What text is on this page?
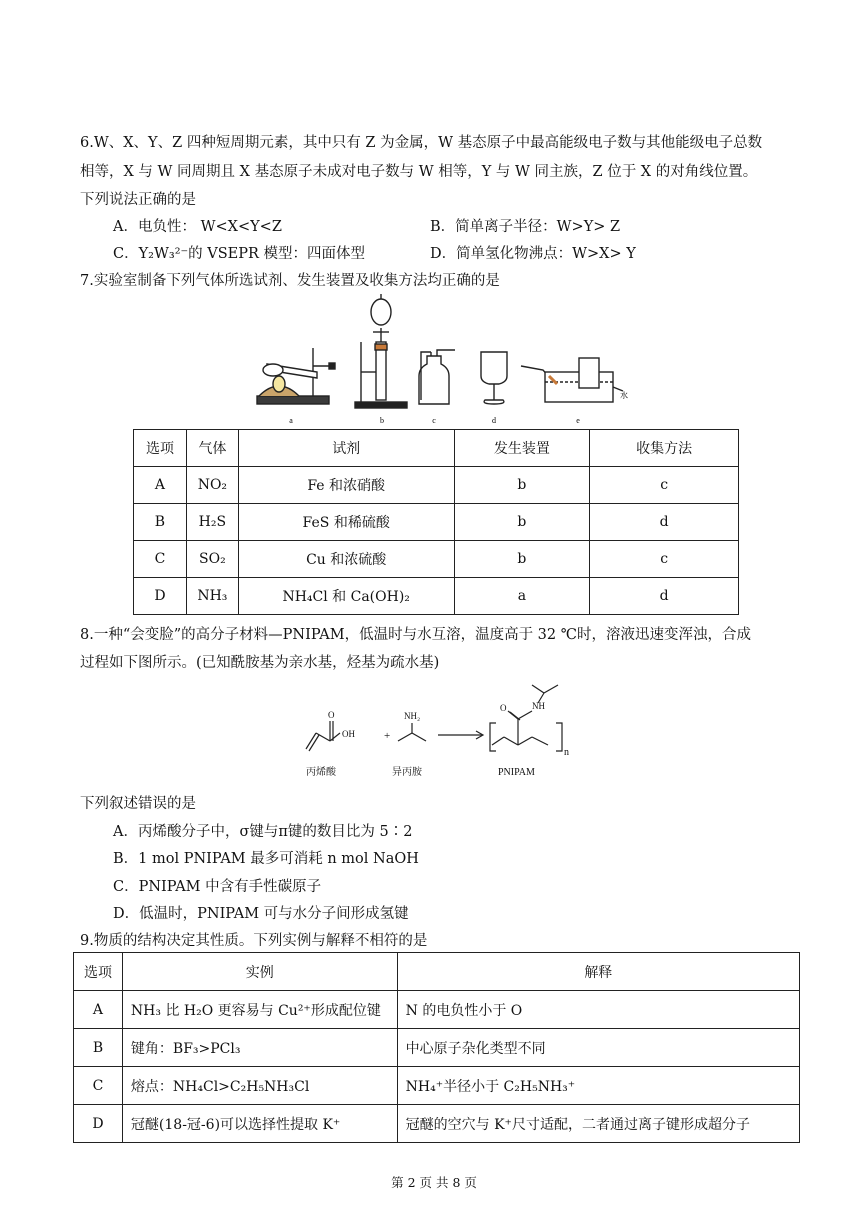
6.W、X、Y、Z 四种短周期元素，其中只有 Z 为金属，W 基态原子中最高能级电子数与其他能级电子总数
相等，X 与 W 同周期且 X 基态原子未成对电子数与 W 相等，Y 与 W 同主族，Z 位于 X 的对角线位置。
下列说法正确的是
A．电负性： W<X<Y<Z	B．简单离子半径：W>Y> Z
C．Y₂W₃²⁻的 VSEPR 模型：四面体型	D．简单氢化物沸点：W>X> Y
7.实验室制备下列气体所选试剂、发生装置及收集方法均正确的是
a	b	c	d	e
水
选项	气体	试剂	发生装置	收集方法
A	NO₂	Fe 和浓硝酸	b	c
B	H₂S	FeS 和稀硫酸	b	d
C	SO₂	Cu 和浓硫酸	b	c
D	NH₃	NH₄Cl 和 Ca(OH)₂	a	d
8.一种“会变脸”的高分子材料—PNIPAM，低温时与水互溶，温度高于 32 ℃时，溶液迅速变浑浊，合成
过程如下图所示。(已知酰胺基为亲水基，烃基为疏水基)
O
OH	+
NH₂
O	NH
n
丙烯酸	异丙胺	PNIPAM
下列叙述错误的是
A．丙烯酸分子中，σ键与π键的数目比为 5∶2
B．1 mol PNIPAM 最多可消耗 n mol NaOH
C．PNIPAM 中含有手性碳原子
D．低温时，PNIPAM 可与水分子间形成氢键
9.物质的结构决定其性质。下列实例与解释不相符的是
选项	实例	解释
A	NH₃ 比 H₂O 更容易与 Cu²⁺形成配位键	N 的电负性小于 O
B	键角：BF₃>PCl₃	中心原子杂化类型不同
C	熔点：NH₄Cl>C₂H₅NH₃Cl	NH₄⁺半径小于 C₂H₅NH₃⁺
D	冠醚(18-冠-6)可以选择性提取 K⁺	冠醚的空穴与 K⁺尺寸适配，二者通过离子键形成超分子
第 2 页 共 8 页
